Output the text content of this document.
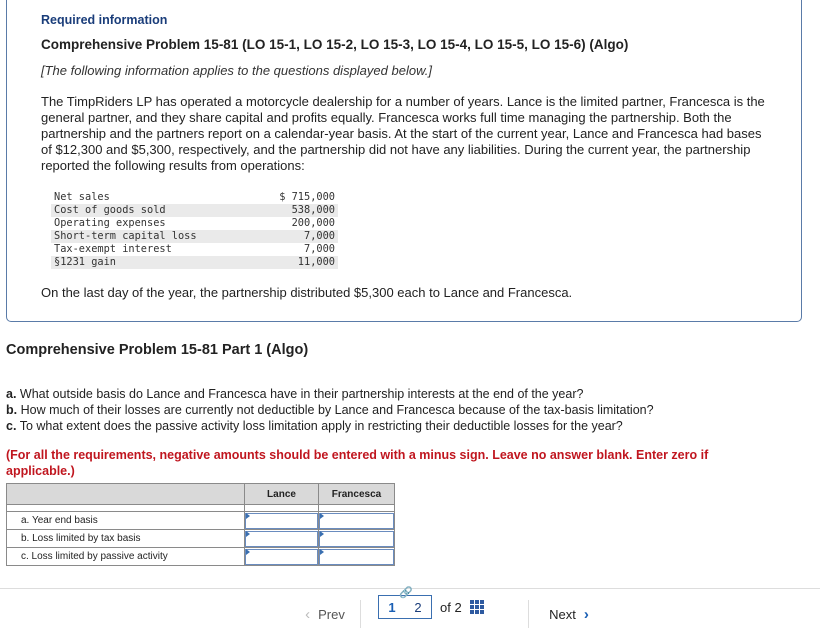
Required information
Comprehensive Problem 15-81 (LO 15-1, LO 15-2, LO 15-3, LO 15-4, LO 15-5, LO 15-6) (Algo)
[The following information applies to the questions displayed below.]
The TimpRiders LP has operated a motorcycle dealership for a number of years. Lance is the limited partner, Francesca is the general partner, and they share capital and profits equally. Francesca works full time managing the partnership. Both the partnership and the partners report on a calendar-year basis. At the start of the current year, Lance and Francesca had bases of $12,300 and $5,300, respectively, and the partnership did not have any liabilities. During the current year, the partnership reported the following results from operations:
Net sales	$ 715,000
Cost of goods sold	538,000
Operating expenses	200,000
Short-term capital loss	7,000
Tax-exempt interest	7,000
§1231 gain	11,000
On the last day of the year, the partnership distributed $5,300 each to Lance and Francesca.
Comprehensive Problem 15-81 Part 1 (Algo)
a. What outside basis do Lance and Francesca have in their partnership interests at the end of the year?
b. How much of their losses are currently not deductible by Lance and Francesca because of the tax-basis limitation?
c. To what extent does the passive activity loss limitation apply in restricting their deductible losses for the year?
(For all the requirements, negative amounts should be entered with a minus sign. Leave no answer blank. Enter zero if applicable.)
	Lance	Francesca

a. Year end basis	

b. Loss limited by tax basis	

c. Loss limited by passive activity	

‹ Prev
🔗
1 2 of 2	Next ›
